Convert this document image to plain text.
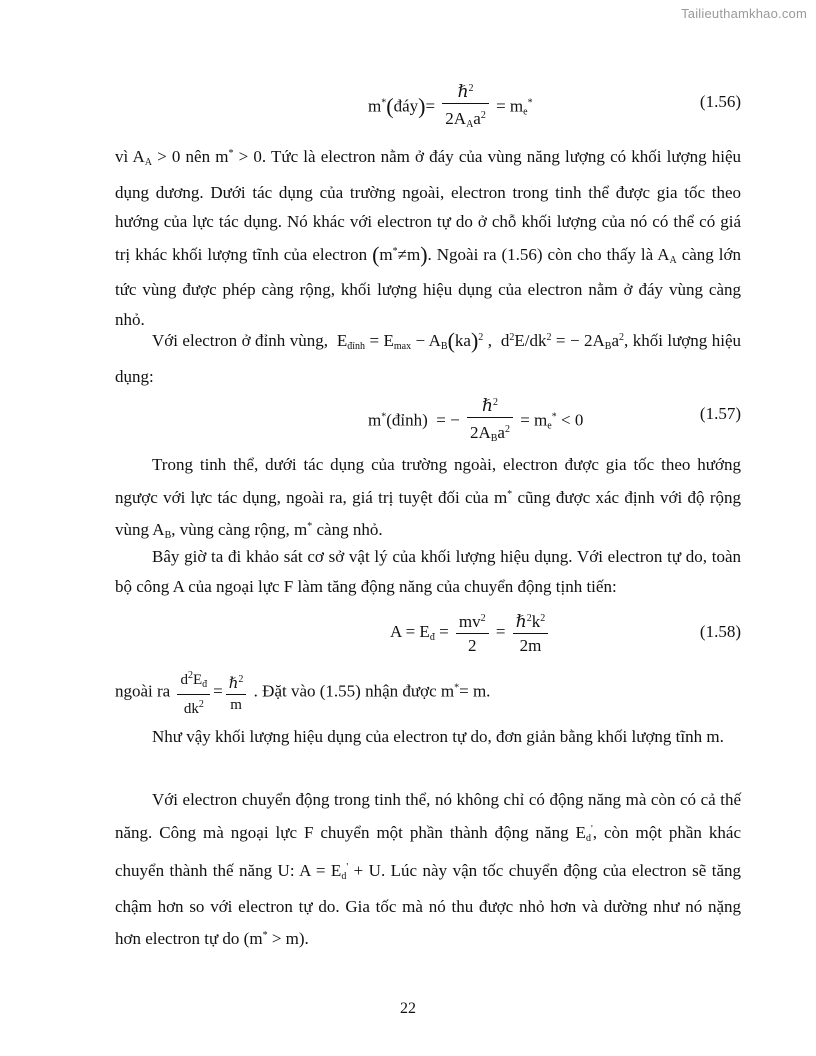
Tailieuthamkhao.com
m*(đáy)= $\frac{\hbar^2}{2A_Aa^2} = m_e^*$	(1.56)

vì $A_A > 0$ nên m* > 0. Tức là electron nằm ở đáy của vùng năng lượng có khối lượng hiệu dụng dương. Dưới tác dụng của trường ngoài, electron trong tinh thể được gia tốc theo hướng của lực tác dụng. Nó khác với electron tự do ở chỗ khối lượng của nó có thể có giá trị khác khối lượng tĩnh của electron (m*≠m). Ngoài ra (1.56) còn cho thấy là $A_A$ càng lớn tức vùng được phép càng rộng, khối lượng hiệu dụng của electron nằm ở đáy vùng càng nhỏ.

Với electron ở đỉnh vùng,  $E_{đỉnh} = E_{max} - A_B(ka)^2$ ,  $d^2E/dk^2$ = − $2A_Ba^2$, khối lượng hiệu dụng:

m*(đỉnh)  = − $\frac{\hbar^2}{2A_Ba^2} = m_e^* < 0$	(1.57)

Trong tinh thể, dưới tác dụng của trường ngoài, electron được gia tốc theo hướng ngược với lực tác dụng, ngoài ra, giá trị tuyệt đối của m* cũng được xác định với độ rộng vùng $A_B$, vùng càng rộng, m* càng nhỏ.

Bây giờ ta đi khảo sát cơ sở vật lý của khối lượng hiệu dụng. Với electron tự do, toàn bộ công A của ngoại lực F làm tăng động năng của chuyển động tịnh tiến:

$A = E_đ = \frac{mv^2}{2} = \frac{\hbar^2k^2}{2m}$	(1.58)
ngoài ra $\frac{d^2E_đ}{dk^2} = \frac{\hbar^2}{m}$ . Đặt vào (1.55) nhận được m*= m.

Như vậy khối lượng hiệu dụng của electron tự do, đơn giản bằng khối lượng tĩnh m.

Với electron chuyển động trong tinh thể, nó không chỉ có động năng mà còn có cả thế năng. Công mà ngoại lực F chuyển một phần thành động năng $E_d'$, còn một phần khác chuyển thành thế năng U: $A = E_d' + U$. Lúc này vận tốc chuyển động của electron sẽ tăng chậm hơn so với electron tự do. Gia tốc mà nó thu được nhỏ hơn và dường như nó nặng hơn electron tự do (m* > m).

22
